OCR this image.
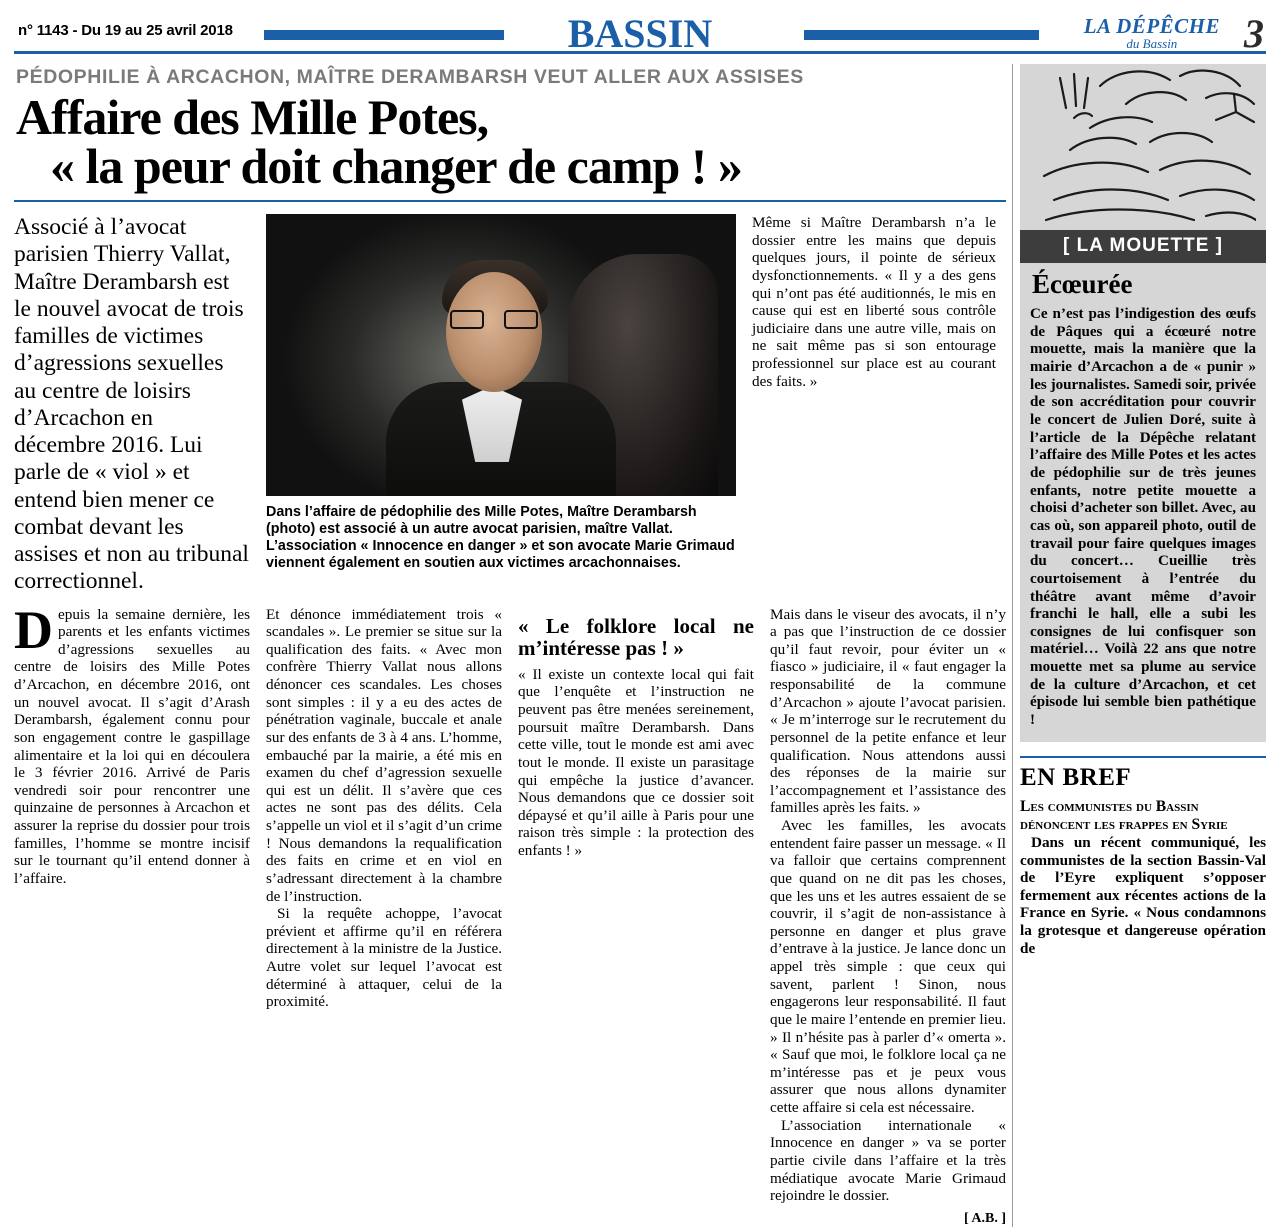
n° 1143 - Du 19 au 25 avril 2018	BASSIN	LA DÉPÊCHE
du Bassin	3
PÉDOPHILIE À ARCACHON, MAÎTRE DERAMBARSH VEUT ALLER AUX ASSISES
Affaire des Mille Potes,
« la peur doit changer de camp ! »
Associé à l’avocat parisien Thierry Vallat, Maître Derambarsh est le nouvel avocat de trois familles de victimes d’agressions sexuelles au centre de loisirs d’Arcachon en décembre 2016. Lui parle de « viol » et entend bien mener ce combat devant les assises et non au tribunal correctionnel.
Dans l’affaire de pédophilie des Mille Potes, Maître Derambarsh (photo) est associé à un autre avocat parisien, maître Vallat. L’association « Innocence en danger » et son avocate Marie Grimaud viennent également en soutien aux victimes arcachonnaises.

Même si Maître Derambarsh n’a le dossier entre les mains que depuis quelques jours, il pointe de sérieux dysfonctionnements. « Il y a des gens qui n’ont pas été auditionnés, le mis en cause qui est en liberté sous contrôle judiciaire dans une autre ville, mais on ne sait même pas si son entourage professionnel sur place est au courant des faits. »

D epuis la semaine dernière, les parents et les enfants victimes d’agressions sexuelles au centre de loisirs des Mille Potes d’Arcachon, en décembre 2016, ont un nouvel avocat. Il s’agit d’Arash Derambarsh, également connu pour son engagement contre le gaspillage alimentaire et la loi qui en découlera le 3 février 2016. Arrivé de Paris vendredi soir pour rencontrer une quinzaine de personnes à Arcachon et assurer la reprise du dossier pour trois familles, l’homme se montre incisif sur le tournant qu’il entend donner à l’affaire.

Et dénonce immédiatement trois « scandales ». Le premier se situe sur la qualification des faits. « Avec mon confrère Thierry Vallat nous allons dénoncer ces scandales. Les choses sont simples : il y a eu des actes de pénétration vaginale, buccale et anale sur des enfants de 3 à 4 ans. L’homme, embauché par la mairie, a été mis en examen du chef d’agression sexuelle qui est un délit. Il s’avère que ces actes ne sont pas des délits. Cela s’appelle un viol et il s’agit d’un crime ! Nous demandons la requalification des faits en crime et en viol en s’adressant directement à la chambre de l’instruction.

Si la requête achoppe, l’avocat prévient et affirme qu’il en référera directement à la ministre de la Justice. Autre volet sur lequel l’avocat est déterminé à attaquer, celui de la proximité.

« Le folklore local ne m’intéresse pas ! »

« Il existe un contexte local qui fait que l’enquête et l’instruction ne peuvent pas être menées sereinement, poursuit maître Derambarsh. Dans cette ville, tout le monde est ami avec tout le monde. Il existe un parasitage qui empêche la justice d’avancer. Nous demandons que ce dossier soit dépaysé et qu’il aille à Paris pour une raison très simple : la protection des enfants ! »

Mais dans le viseur des avocats, il n’y a pas que l’instruction de ce dossier qu’il faut revoir, pour éviter un « fiasco » judiciaire, il « faut engager la responsabilité de la commune d’Arcachon » ajoute l’avocat parisien. « Je m’interroge sur le recrutement du personnel de la petite enfance et leur qualification. Nous attendons aussi des réponses de la mairie sur l’accompagnement et l’assistance des familles après les faits. »

Avec les familles, les avocats entendent faire passer un message. « Il va falloir que certains comprennent que quand on ne dit pas les choses, que les uns et les autres essaient de se couvrir, il s’agit de non-assistance à personne en danger et plus grave d’entrave à la justice. Je lance donc un appel très simple : que ceux qui savent, parlent ! Sinon, nous engagerons leur responsabilité. Il faut que le maire l’entende en premier lieu. » Il n’hésite pas à parler d’« omerta ». « Sauf que moi, le folklore local ça ne m’intéresse pas et je peux vous assurer que nous allons dynamiter cette affaire si cela est nécessaire.

L’association internationale « Innocence en danger » va se porter partie civile dans l’affaire et la très médiatique avocate Marie Grimaud rejoindre le dossier.

[ A.B. ]
[ LA MOUETTE ]
Écœurée
Ce n’est pas l’indigestion des œufs de Pâques qui a écœuré notre mouette, mais la manière que la mairie d’Arcachon a de « punir » les journalistes. Samedi soir, privée de son accréditation pour couvrir le concert de Julien Doré, suite à l’article de la Dépêche relatant l’affaire des Mille Potes et les actes de pédophilie sur de très jeunes enfants, notre petite mouette a choisi d’acheter son billet. Avec, au cas où, son appareil photo, outil de travail pour faire quelques images du concert… Cueillie très courtoisement à l’entrée du théâtre avant même d’avoir franchi le hall, elle a subi les consignes de lui confisquer son matériel… Voilà 22 ans que notre mouette met sa plume au service de la culture d’Arcachon, et cet épisode lui semble bien pathétique !
EN BREF
Les communistes du Bassin dénoncent les frappes en Syrie
Dans un récent communiqué, les communistes de la section Bassin-Val de l’Eyre expliquent s’opposer fermement aux récentes actions de la France en Syrie. « Nous condamnons la grotesque et dangereuse opération de
